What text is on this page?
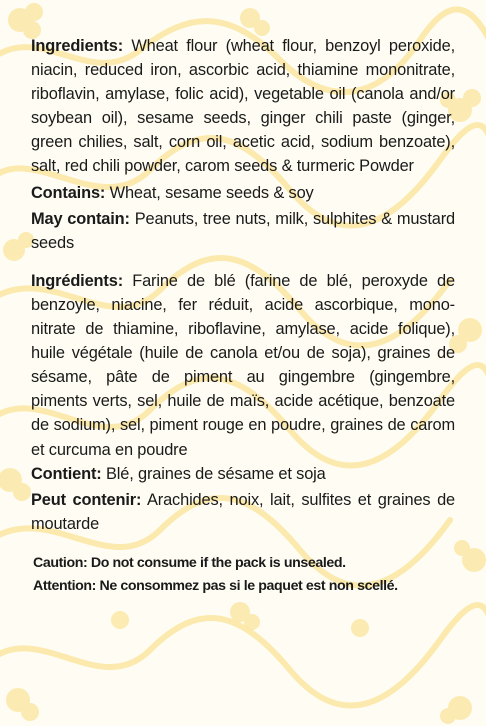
Ingredients: Wheat flour (wheat flour, benzoyl peroxide, niacin, reduced iron, ascorbic acid, thiamine mononitrate, riboflavin, amylase, folic acid), vegetable oil (canola and/or soybean oil), sesame seeds, ginger chili paste (ginger, green chilies, salt, corn oil, acetic acid, sodium benzoate), salt, red chili powder, carom seeds & turmeric Powder

Contains: Wheat, sesame seeds & soy

May contain: Peanuts, tree nuts, milk, sulphites & mustard seeds

Ingrédients: Farine de blé (farine de blé, peroxyde de benzoyle, niacine, fer réduit, acide ascorbique, mono-nitrate de thiamine, riboflavine, amylase, acide folique), huile végétale (huile de canola et/ou de soja), graines de sésame, pâte de piment au gingembre (gingembre, piments verts, sel, huile de maïs, acide acétique, benzoate de sodium), sel, piment rouge en poudre, graines de carom et curcuma en poudre

Contient: Blé, graines de sésame et soja

Peut contenir: Arachides, noix, lait, sulfites et graines de moutarde

Caution: Do not consume if the pack is unsealed.

Attention: Ne consommez pas si le paquet est non scellé.
